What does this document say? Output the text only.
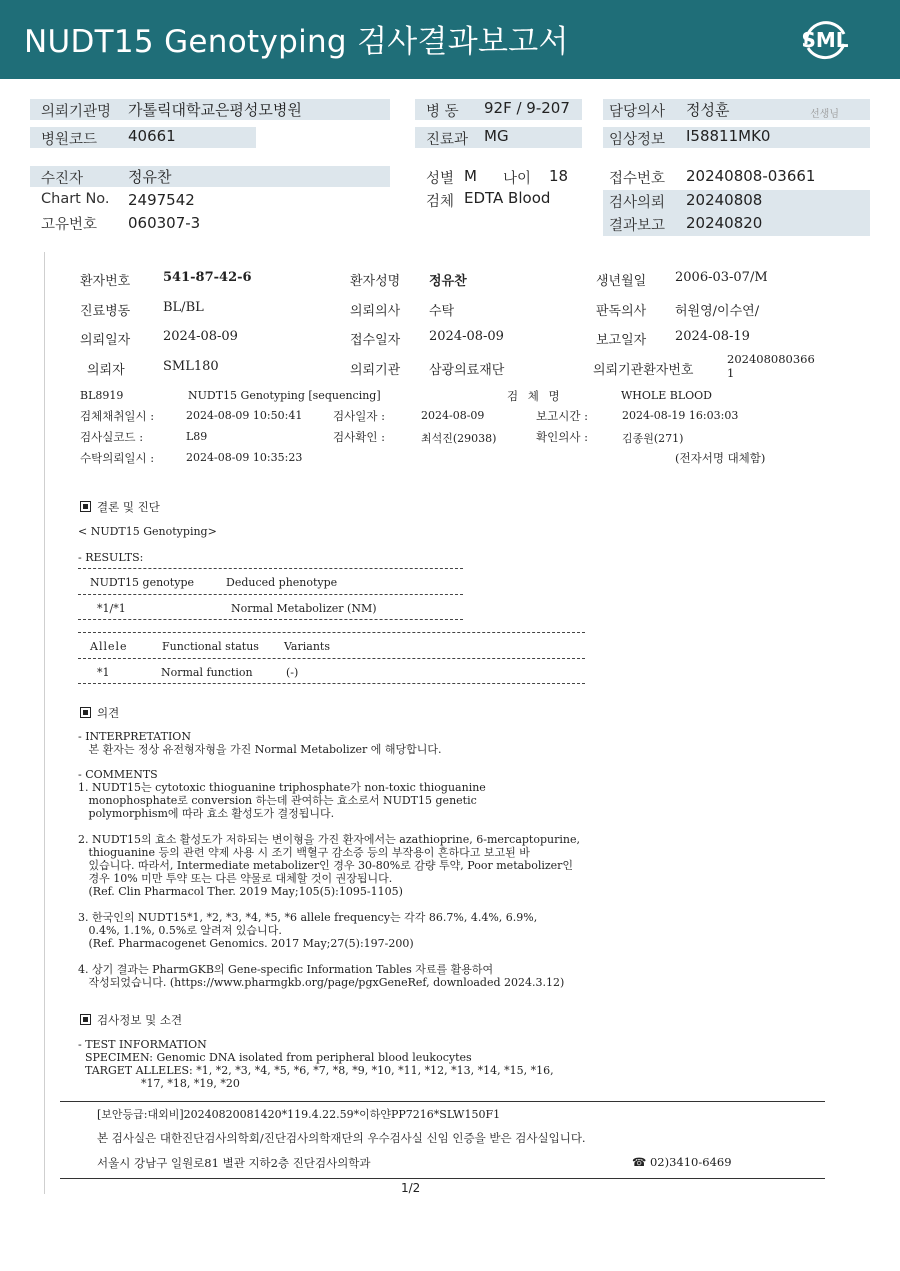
NUDT15 Genotyping 검사결과보고서	SML
의뢰기관명 가톨릭대학교은평성모병원
병원코드 40661
병 동 92F / 9-207
진료과 MG
담당의사 정성훈	선생님
임상정보 I58811MK0
수진자	정유찬
Chart No. 2497542
고유번호 060307-3
성별 M 나이 18
검체 EDTA Blood
접수번호 20240808-03661
검사의뢰 20240808
결과보고 20240820
환자번호	541-87-42-6	환자성명 정유찬	생년월일 2006-03-07/M
진료병동	BL/BL	의뢰의사 수탁	판독의사 허원영/이수연/
의뢰일자	2024-08-09	접수일자 2024-08-09	보고일자 2024-08-19
의뢰자	SML180	의뢰기관 삼광의료재단	의뢰기관환자번호
202408080366
1
BL8919	NUDT15 Genotyping [sequencing]	검 체 명	WHOLE BLOOD
검체채취일시 :	2024-08-09 10:50:41	검사일자 :	2024-08-09	보고시간 :	2024-08-19 16:03:03
검사실코드 :	L89	검사확인 :	최석진(29038)	확인의사 :	김종원(271)
수탁의뢰일시 :	2024-08-09 10:35:23	(전자서명 대체함)
결론 및 진단
< NUDT15 Genotyping>
- RESULTS:
NUDT15 genotype	Deduced phenotype
*1/*1	Normal Metabolizer (NM)
Allele	Functional status Variants
*1	Normal function	(-)
의견
- INTERPRETATION
본 환자는 정상 유전형자형을 가진 Normal Metabolizer 에 해당합니다.
- COMMENTS
1. NUDT15는 cytotoxic thioguanine triphosphate가 non-toxic thioguanine
monophosphate로 conversion 하는데 관여하는 효소로서 NUDT15 genetic
polymorphism에 따라 효소 활성도가 결정됩니다.

2. NUDT15의 효소 활성도가 저하되는 변이형을 가진 환자에서는 azathioprine, 6-mercaptopurine,
thioguanine 등의 관련 약제 사용 시 조기 백혈구 감소증 등의 부작용이 흔하다고 보고된 바
있습니다. 따라서, Intermediate metabolizer인 경우 30-80%로 감량 투약, Poor metabolizer인
경우 10% 미만 투약 또는 다른 약물로 대체할 것이 권장됩니다.
(Ref. Clin Pharmacol Ther. 2019 May;105(5):1095-1105)

3. 한국인의 NUDT15*1, *2, *3, *4, *5, *6 allele frequency는 각각 86.7%, 4.4%, 6.9%,
0.4%, 1.1%, 0.5%로 알려져 있습니다.
(Ref. Pharmacogenet Genomics. 2017 May;27(5):197-200)

4. 상기 결과는 PharmGKB의 Gene-specific Information Tables 자료를 활용하여
작성되었습니다. (https://www.pharmgkb.org/page/pgxGeneRef, downloaded 2024.3.12)
검사정보 및 소견
- TEST INFORMATION
SPECIMEN: Genomic DNA isolated from peripheral blood leukocytes
TARGET ALLELES: *1, *2, *3, *4, *5, *6, *7, *8, *9, *10, *11, *12, *13, *14, *15, *16,
*17, *18, *19, *20
[보안등급:대외비]20240820081420*119.4.22.59*이하얀PP7216*SLW150F1
본 검사실은 대한진단검사의학회/진단검사의학재단의 우수검사실 신임 인증을 받은 검사실입니다.
서울시 강남구 일원로81 별관 지하2층 진단검사의학과	☎ 02)3410-6469
1/2
